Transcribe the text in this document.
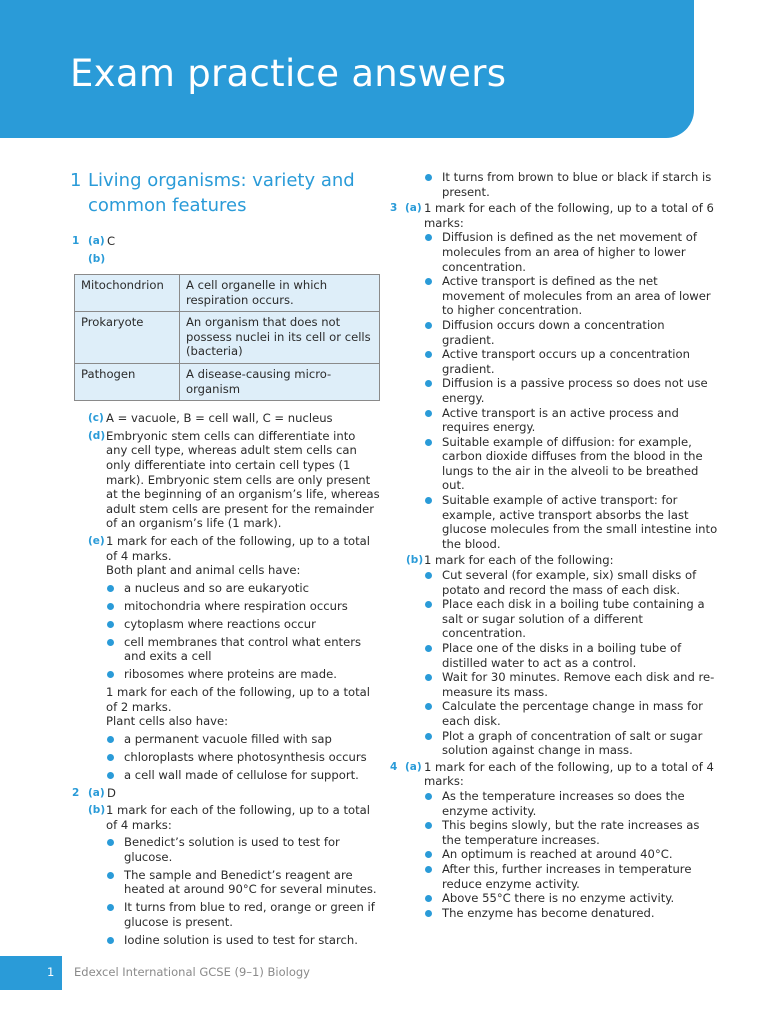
Exam practice answers
1 Living organisms: variety and
common features
1 (a) C
(b)
Mitochondrion	A cell organelle in which respiration occurs.
Prokaryote	An organism that does not possess nuclei in its cell or cells (bacteria)
Pathogen	A disease-causing micro-organism
(c) A = vacuole, B = cell wall, C = nucleus
(d) Embryonic stem cells can differentiate into any cell type, whereas adult stem cells can only differentiate into certain cell types (1 mark). Embryonic stem cells are only present at the beginning of an organism’s life, whereas adult stem cells are present for the remainder of an organism’s life (1 mark).
(e) 1 mark for each of the following, up to a total of 4 marks.
Both plant and animal cells have:
a nucleus and so are eukaryotic
mitochondria where respiration occurs
cytoplasm where reactions occur
cell membranes that control what enters and exits a cell
ribosomes where proteins are made.
1 mark for each of the following, up to a total of 2 marks.
Plant cells also have:
a permanent vacuole filled with sap
chloroplasts where photosynthesis occurs
a cell wall made of cellulose for support.
2 (a) D
(b) 1 mark for each of the following, up to a total of 4 marks:
Benedict’s solution is used to test for glucose.
The sample and Benedict’s reagent are heated at around 90°C for several minutes.
It turns from blue to red, orange or green if glucose is present.
Iodine solution is used to test for starch.
It turns from brown to blue or black if starch is present.
3 (a) 1 mark for each of the following, up to a total of 6 marks:
Diffusion is defined as the net movement of molecules from an area of higher to lower concentration.
Active transport is defined as the net movement of molecules from an area of lower to higher concentration.
Diffusion occurs down a concentration gradient.
Active transport occurs up a concentration gradient.
Diffusion is a passive process so does not use energy.
Active transport is an active process and requires energy.
Suitable example of diffusion: for example, carbon dioxide diffuses from the blood in the lungs to the air in the alveoli to be breathed out.
Suitable example of active transport: for example, active transport absorbs the last glucose molecules from the small intestine into the blood.
(b) 1 mark for each of the following:
Cut several (for example, six) small disks of potato and record the mass of each disk.
Place each disk in a boiling tube containing a salt or sugar solution of a different concentration.
Place one of the disks in a boiling tube of distilled water to act as a control.
Wait for 30 minutes. Remove each disk and re-measure its mass.
Calculate the percentage change in mass for each disk.
Plot a graph of concentration of salt or sugar solution against change in mass.
4 (a) 1 mark for each of the following, up to a total of 4 marks:
As the temperature increases so does the enzyme activity.
This begins slowly, but the rate increases as the temperature increases.
An optimum is reached at around 40°C.
After this, further increases in temperature reduce enzyme activity.
Above 55°C there is no enzyme activity.
The enzyme has become denatured.
1 Edexcel International GCSE (9–1) Biology
